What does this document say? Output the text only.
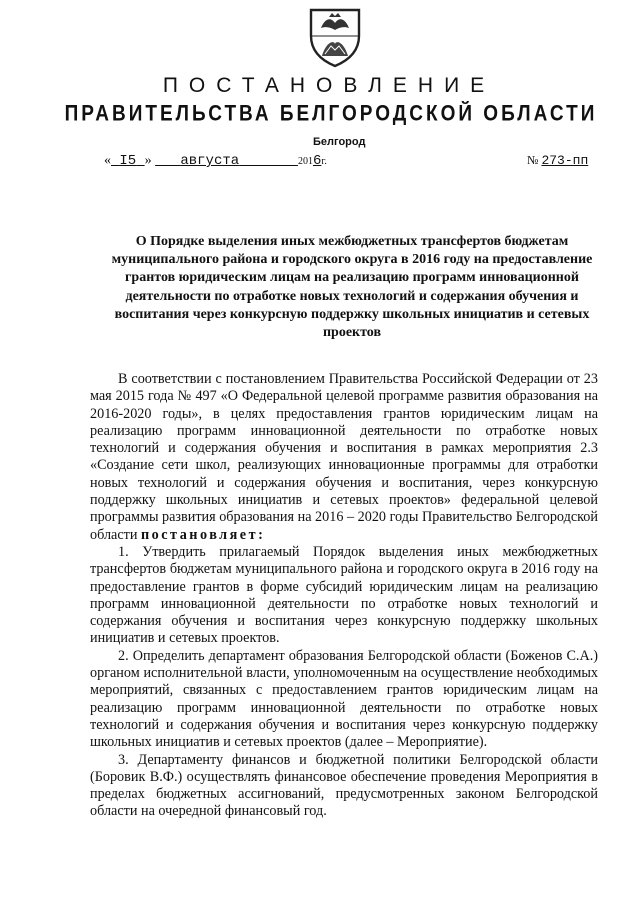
ПОСТАНОВЛЕНИЕ
ПРАВИТЕЛЬСТВА БЕЛГОРОДСКОЙ ОБЛАСТИ
Белгород
« I5 » августа	2016г.	№ 273-пп
О Порядке выделения иных межбюджетных трансфертов бюджетам муниципального района и городского округа в 2016 году на предоставление грантов юридическим лицам на реализацию программ инновационной деятельности по отработке новых технологий и содержания обучения и воспитания через конкурсную поддержку школьных инициатив и сетевых проектов

В соответствии с постановлением Правительства Российской Федерации от 23 мая 2015 года № 497 «О Федеральной целевой программе развития образования на 2016-2020 годы», в целях предоставления грантов юридическим лицам на реализацию программ инновационной деятельности по отработке новых технологий и содержания обучения и воспитания в рамках мероприятия 2.3 «Создание сети школ, реализующих инновационные программы для отработки новых технологий и содержания обучения и воспитания, через конкурсную поддержку школьных инициатив и сетевых проектов» федеральной целевой программы развития образования на 2016 – 2020 годы Правительство Белгородской области постановляет:

1. Утвердить прилагаемый Порядок выделения иных межбюджетных трансфертов бюджетам муниципального района и городского округа в 2016 году на предоставление грантов в форме субсидий юридическим лицам на реализацию программ инновационной деятельности по отработке новых технологий и содержания обучения и воспитания через конкурсную поддержку школьных инициатив и сетевых проектов.

2. Определить департамент образования Белгородской области (Боженов С.А.) органом исполнительной власти, уполномоченным на осуществление необходимых мероприятий, связанных с предоставлением грантов юридическим лицам на реализацию программ инновационной деятельности по отработке новых технологий и содержания обучения и воспитания через конкурсную поддержку школьных инициатив и сетевых проектов (далее – Мероприятие).

3. Департаменту финансов и бюджетной политики Белгородской области (Боровик В.Ф.) осуществлять финансовое обеспечение проведения Мероприятия в пределах бюджетных ассигнований, предусмотренных законом Белгородской области на очередной финансовый год.
